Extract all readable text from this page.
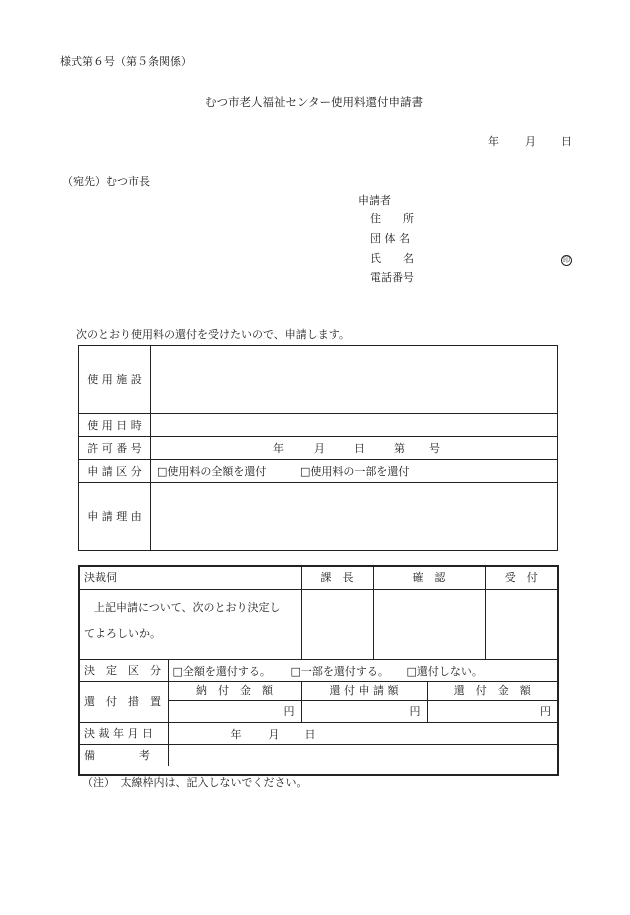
様式第６号（第５条関係）
むつ市老人福祉センター使用料還付申請書
年 月 日
（宛先）むつ市長
申請者
住　　所
団 体 名
氏　　名	印
電話番号
次のとおり使用料の還付を受けたいので、申請します。
使 用 施 設	

使 用 日 時	

許 可 番 号	年 月 日 第 号

申 請 区 分	□使用料の全額を還付 □使用料の一部を還付

申 請 理 由	

決裁伺		課　長	確　認		受　付

上記申請について、次のとおり決定し
てよろしいか。					

決　定　区　分	□全額を還付する。 □一部を還付する。 □還付しない。				

還　付　措　置	納　付　金　額	還 付 申 請 額		還　付　金　額	
	円	円		円	
決 裁 年 月 日	年 月 日				

備　　　　考					
（注）　太線枠内は、記入しないでください。
